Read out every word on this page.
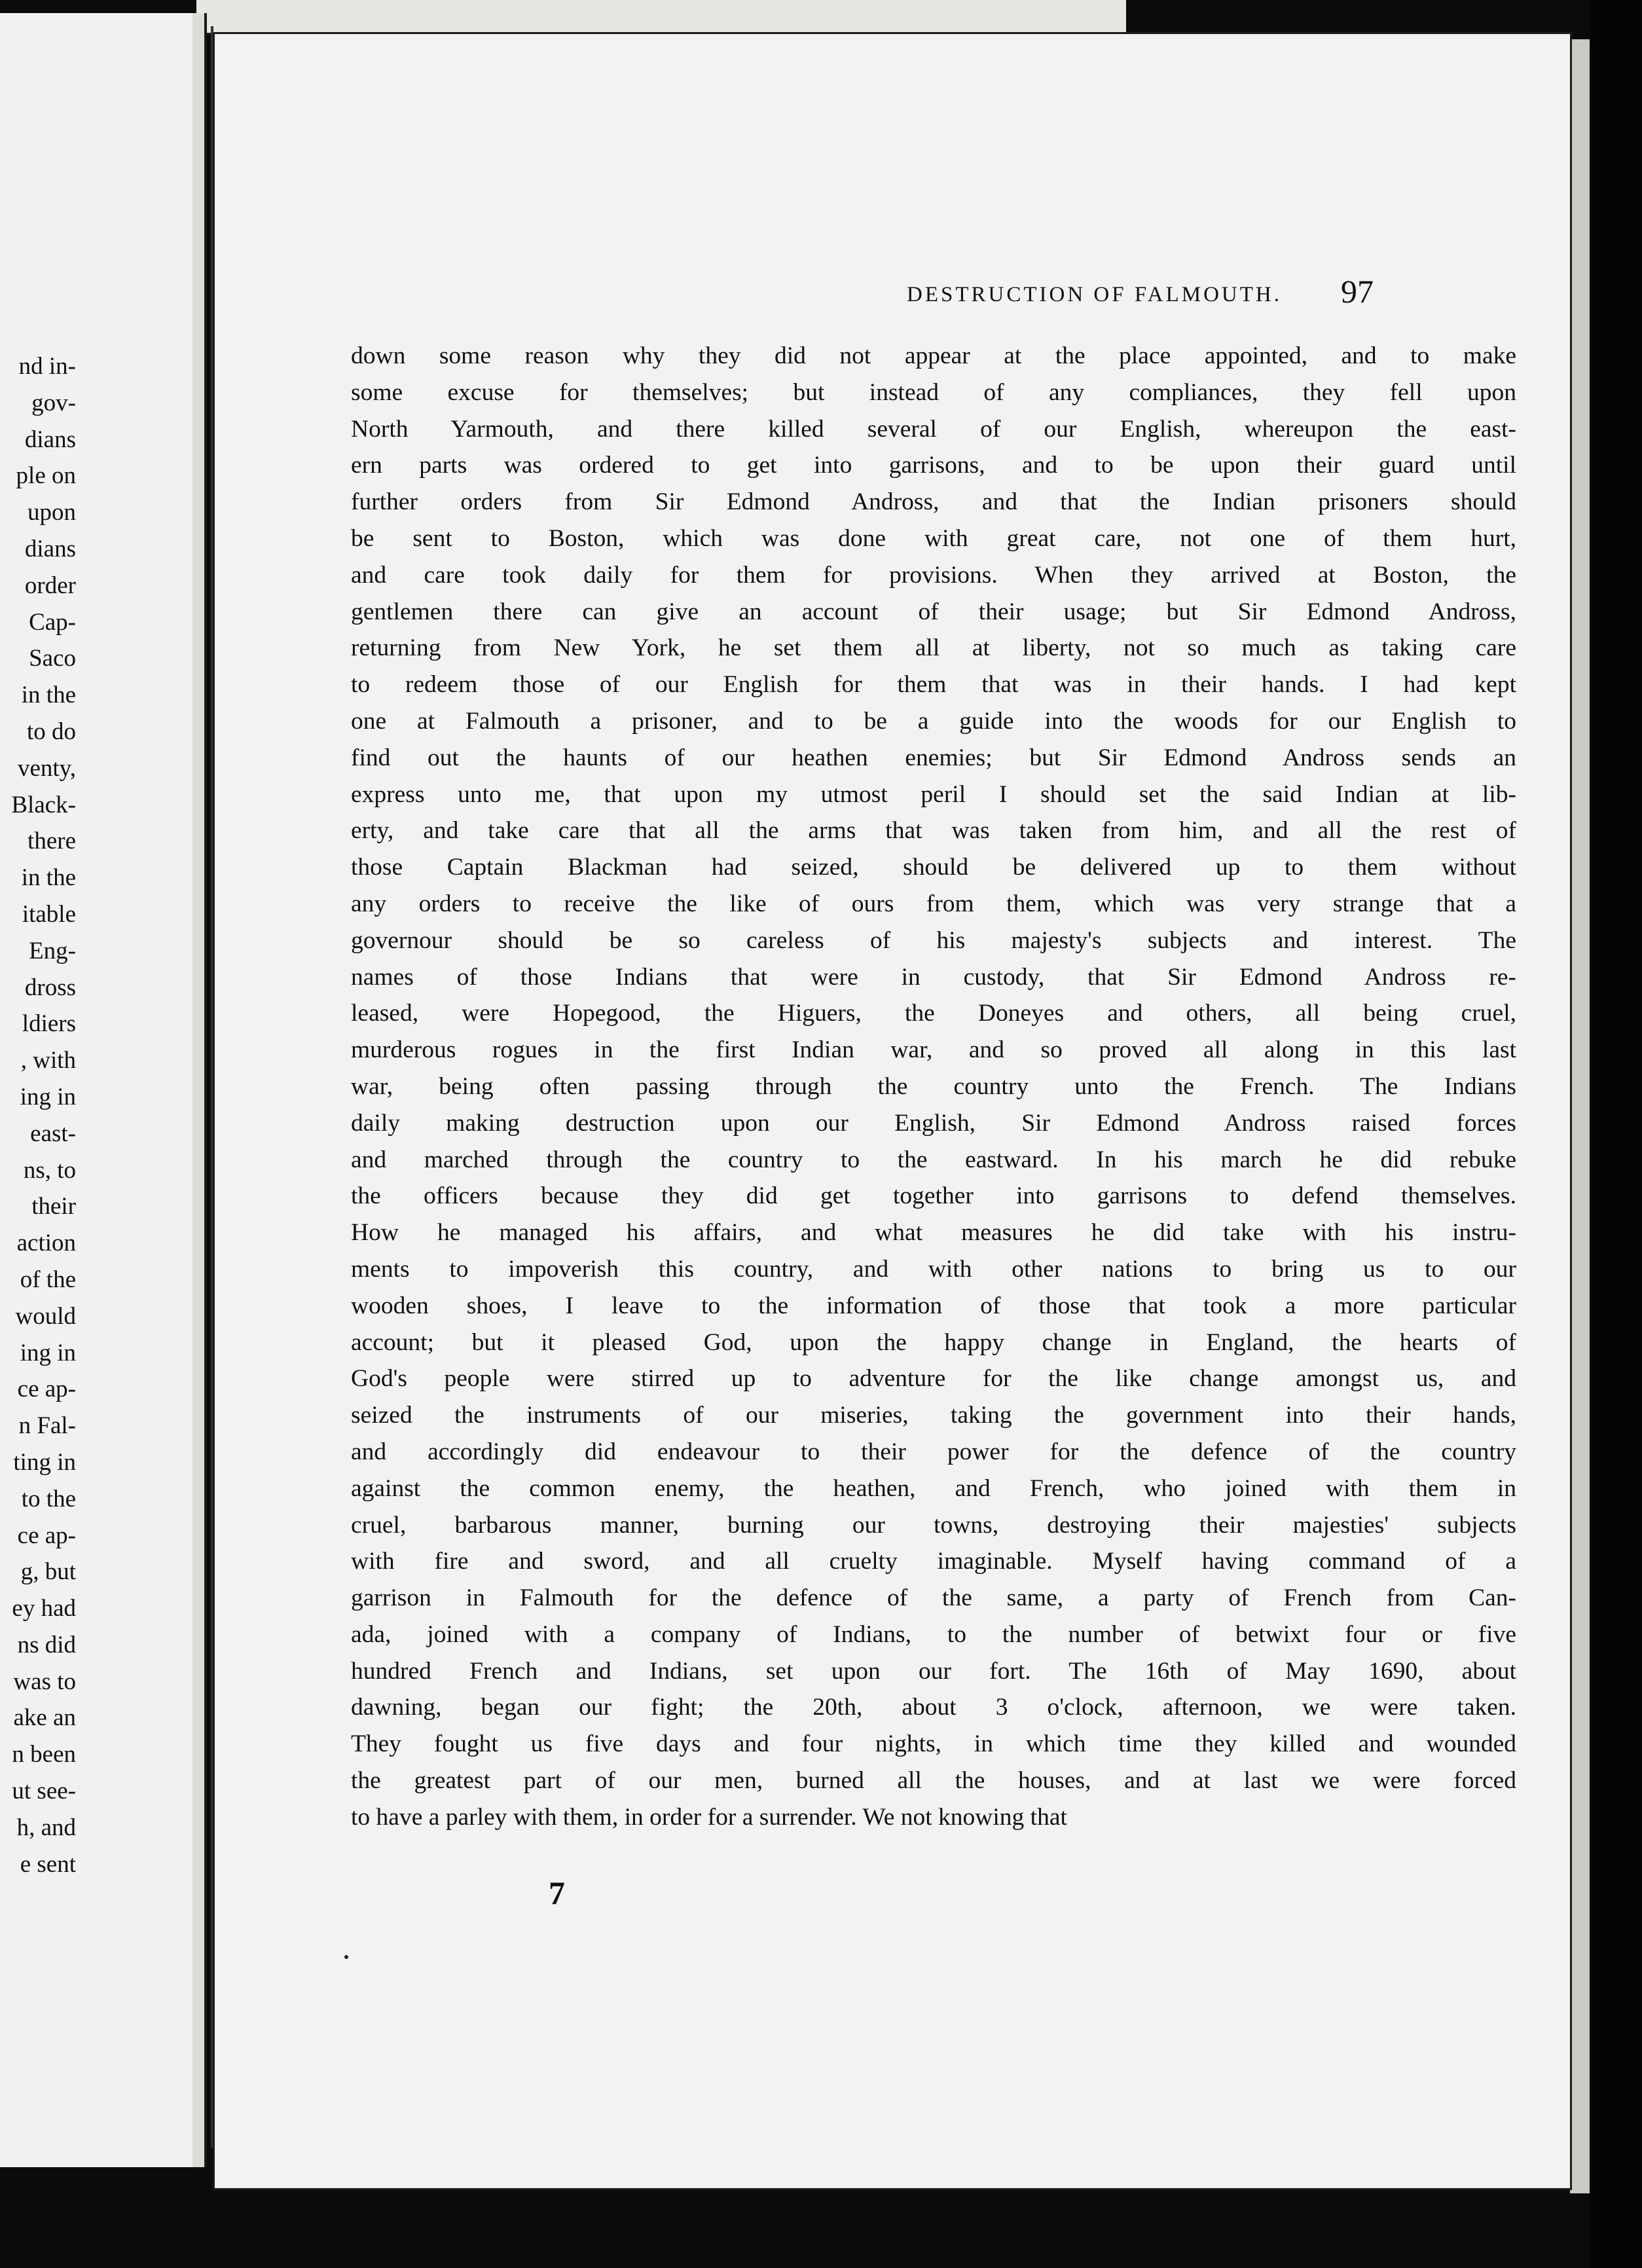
nd in-
gov-
dians
ple on
upon
dians
order
Cap-
Saco
in the
to do
venty,
Black-
there
in the
itable
Eng-
dross
ldiers
, with
ing in
east-
ns, to
their
action
of the
would
ing in
ce ap-
n Fal-
ting in
to the
ce ap-
g, but
ey had
ns did
was to
ake an
n been
ut see-
h, and
e sent
DESTRUCTION OF FALMOUTH.	97
down some reason why they did not appear at the place appointed, and to make
some excuse for themselves; but instead of any compliances, they fell upon
North Yarmouth, and there killed several of our English, whereupon the east-
ern parts was ordered to get into garrisons, and to be upon their guard until
further orders from Sir Edmond Andross, and that the Indian prisoners should
be sent to Boston, which was done with great care, not one of them hurt,
and care took daily for them for provisions. When they arrived at Boston, the
gentlemen there can give an account of their usage; but Sir Edmond Andross,
returning from New York, he set them all at liberty, not so much as taking care
to redeem those of our English for them that was in their hands. I had kept
one at Falmouth a prisoner, and to be a guide into the woods for our English to
find out the haunts of our heathen enemies; but Sir Edmond Andross sends an
express unto me, that upon my utmost peril I should set the said Indian at lib-
erty, and take care that all the arms that was taken from him, and all the rest of
those Captain Blackman had seized, should be delivered up to them without
any orders to receive the like of ours from them, which was very strange that a
governour should be so careless of his majesty's subjects and interest. The
names of those Indians that were in custody, that Sir Edmond Andross re-
leased, were Hopegood, the Higuers, the Doneyes and others, all being cruel,
murderous rogues in the first Indian war, and so proved all along in this last
war, being often passing through the country unto the French. The Indians
daily making destruction upon our English, Sir Edmond Andross raised forces
and marched through the country to the eastward. In his march he did rebuke
the officers because they did get together into garrisons to defend themselves.
How he managed his affairs, and what measures he did take with his instru-
ments to impoverish this country, and with other nations to bring us to our
wooden shoes, I leave to the information of those that took a more particular
account; but it pleased God, upon the happy change in England, the hearts of
God's people were stirred up to adventure for the like change amongst us, and
seized the instruments of our miseries, taking the government into their hands,
and accordingly did endeavour to their power for the defence of the country
against the common enemy, the heathen, and French, who joined with them in
cruel, barbarous manner, burning our towns, destroying their majesties' subjects
with fire and sword, and all cruelty imaginable. Myself having command of a
garrison in Falmouth for the defence of the same, a party of French from Can-
ada, joined with a company of Indians, to the number of betwixt four or five
hundred French and Indians, set upon our fort. The 16th of May 1690, about
dawning, began our fight; the 20th, about 3 o'clock, afternoon, we were taken.
They fought us five days and four nights, in which time they killed and wounded
the greatest part of our men, burned all the houses, and at last we were forced
to have a parley with them, in order for a surrender. We not knowing that
7
